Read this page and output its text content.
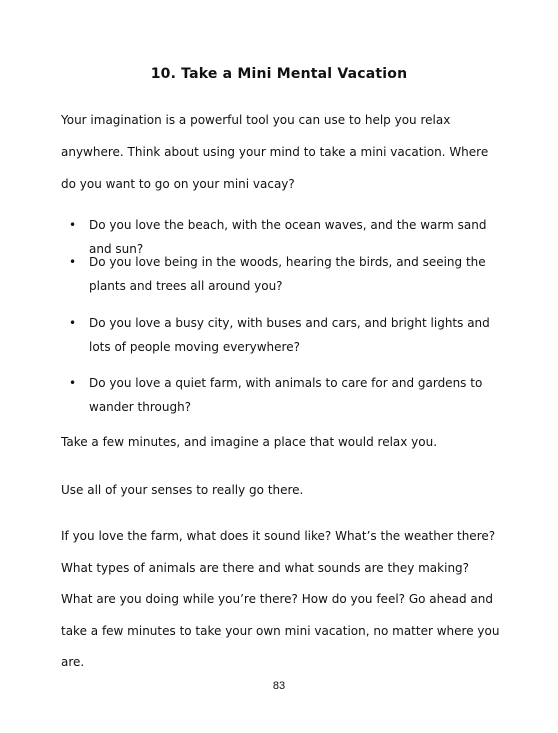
10. Take a Mini Mental Vacation

Your imagination is a powerful tool you can use to help you relax anywhere. Think about using your mind to take a mini vacation. Where do you want to go on your mini vacay?

• Do you love the beach, with the ocean waves, and the warm sand and sun?
• Do you love being in the woods, hearing the birds, and seeing the plants and trees all around you?
• Do you love a busy city, with buses and cars, and bright lights and lots of people moving everywhere?
• Do you love a quiet farm, with animals to care for and gardens to wander through?

Take a few minutes, and imagine a place that would relax you.

Use all of your senses to really go there.

If you love the farm, what does it sound like? What’s the weather there? What types of animals are there and what sounds are they making? What are you doing while you’re there? How do you feel? Go ahead and take a few minutes to take your own mini vacation, no matter where you are.

83
